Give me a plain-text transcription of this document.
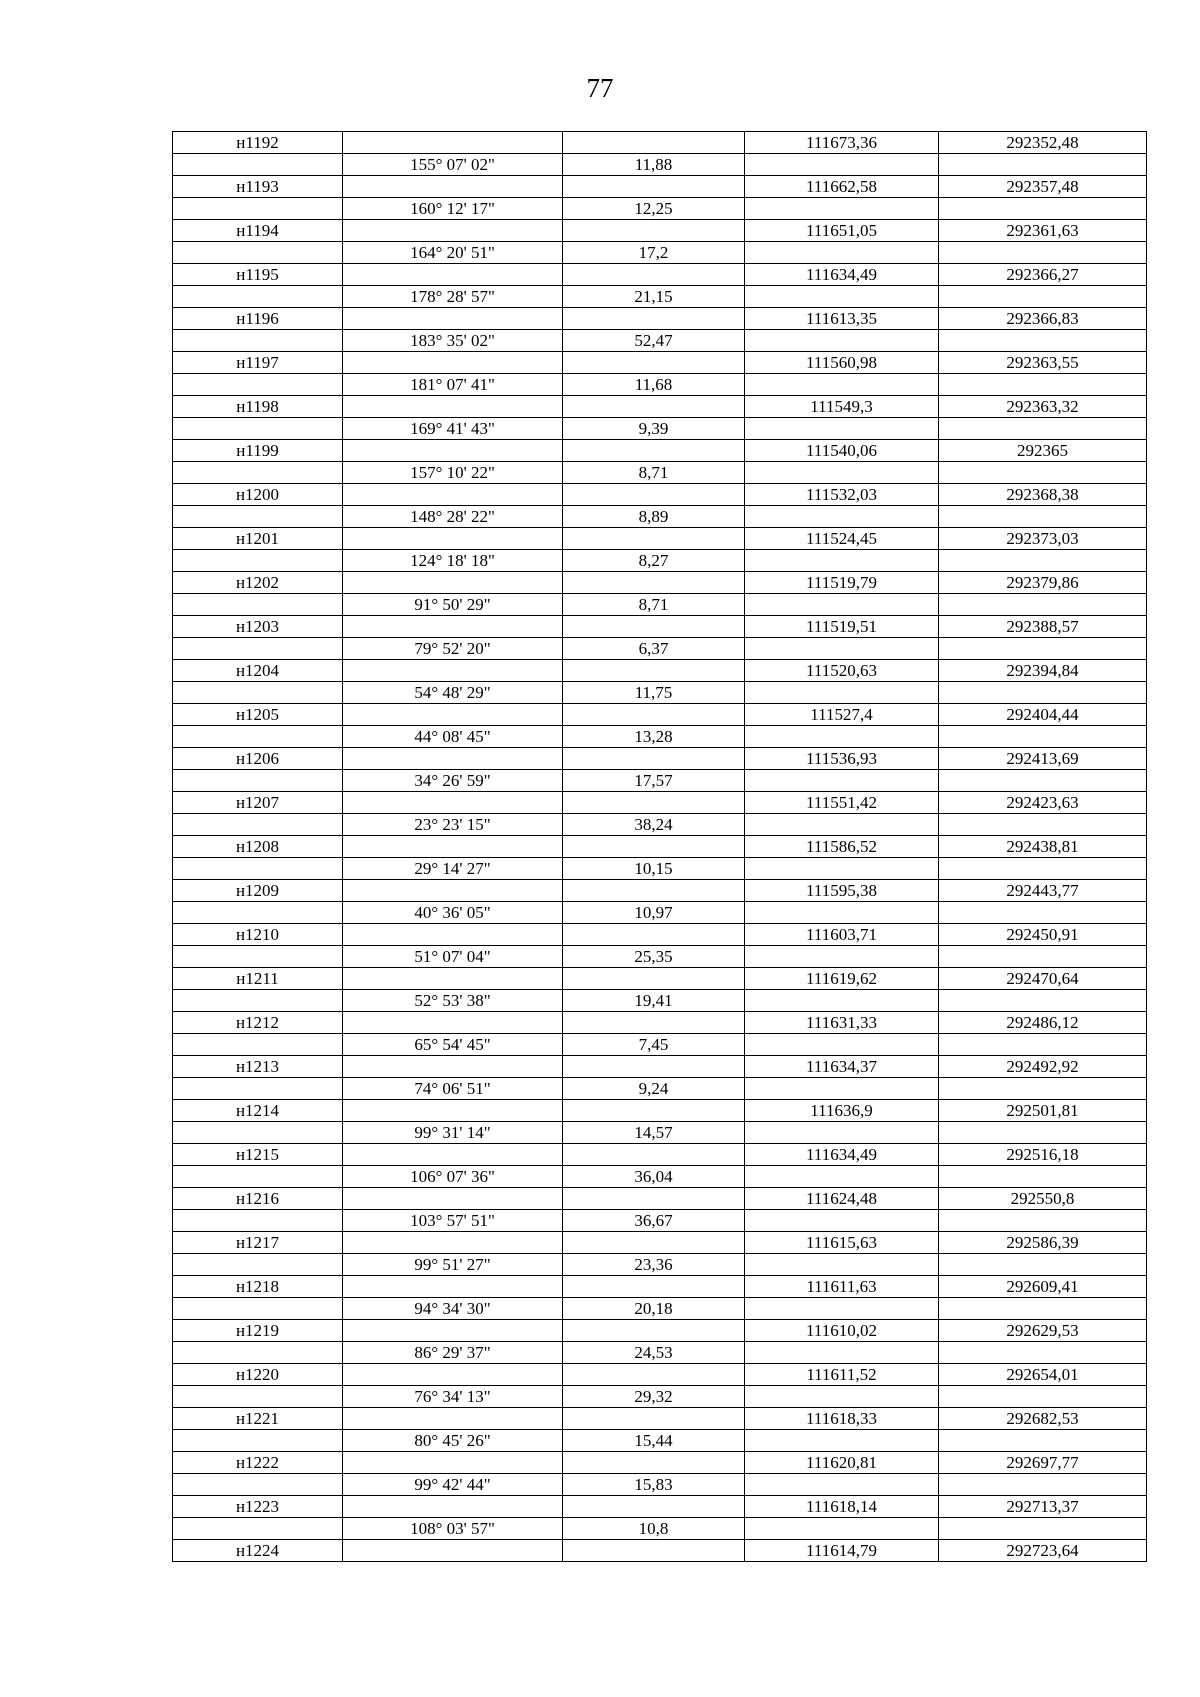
77
н1192			111673,36	292352,48
	155° 07' 02"	11,88		
н1193			111662,58	292357,48
	160° 12' 17"	12,25		
н1194			111651,05	292361,63
	164° 20' 51"	17,2		
н1195			111634,49	292366,27
	178° 28' 57"	21,15		
н1196			111613,35	292366,83
	183° 35' 02"	52,47		
н1197			111560,98	292363,55
	181° 07' 41"	11,68		
н1198			111549,3	292363,32
	169° 41' 43"	9,39		
н1199			111540,06	292365
	157° 10' 22"	8,71		
н1200			111532,03	292368,38
	148° 28' 22"	8,89		
н1201			111524,45	292373,03
	124° 18' 18"	8,27		
н1202			111519,79	292379,86
	91° 50' 29"	8,71		
н1203			111519,51	292388,57
	79° 52' 20"	6,37		
н1204			111520,63	292394,84
	54° 48' 29"	11,75		
н1205			111527,4	292404,44
	44° 08' 45"	13,28		
н1206			111536,93	292413,69
	34° 26' 59"	17,57		
н1207			111551,42	292423,63
	23° 23' 15"	38,24		
н1208			111586,52	292438,81
	29° 14' 27"	10,15		
н1209			111595,38	292443,77
	40° 36' 05"	10,97		
н1210			111603,71	292450,91
	51° 07' 04"	25,35		
н1211			111619,62	292470,64
	52° 53' 38"	19,41		
н1212			111631,33	292486,12
	65° 54' 45"	7,45		
н1213			111634,37	292492,92
	74° 06' 51"	9,24		
н1214			111636,9	292501,81
	99° 31' 14"	14,57		
н1215			111634,49	292516,18
	106° 07' 36"	36,04		
н1216			111624,48	292550,8
	103° 57' 51"	36,67		
н1217			111615,63	292586,39
	99° 51' 27"	23,36		
н1218			111611,63	292609,41
	94° 34' 30"	20,18		
н1219			111610,02	292629,53
	86° 29' 37"	24,53		
н1220			111611,52	292654,01
	76° 34' 13"	29,32		
н1221			111618,33	292682,53
	80° 45' 26"	15,44		
н1222			111620,81	292697,77
	99° 42' 44"	15,83		
н1223			111618,14	292713,37
	108° 03' 57"	10,8		
н1224			111614,79	292723,64
